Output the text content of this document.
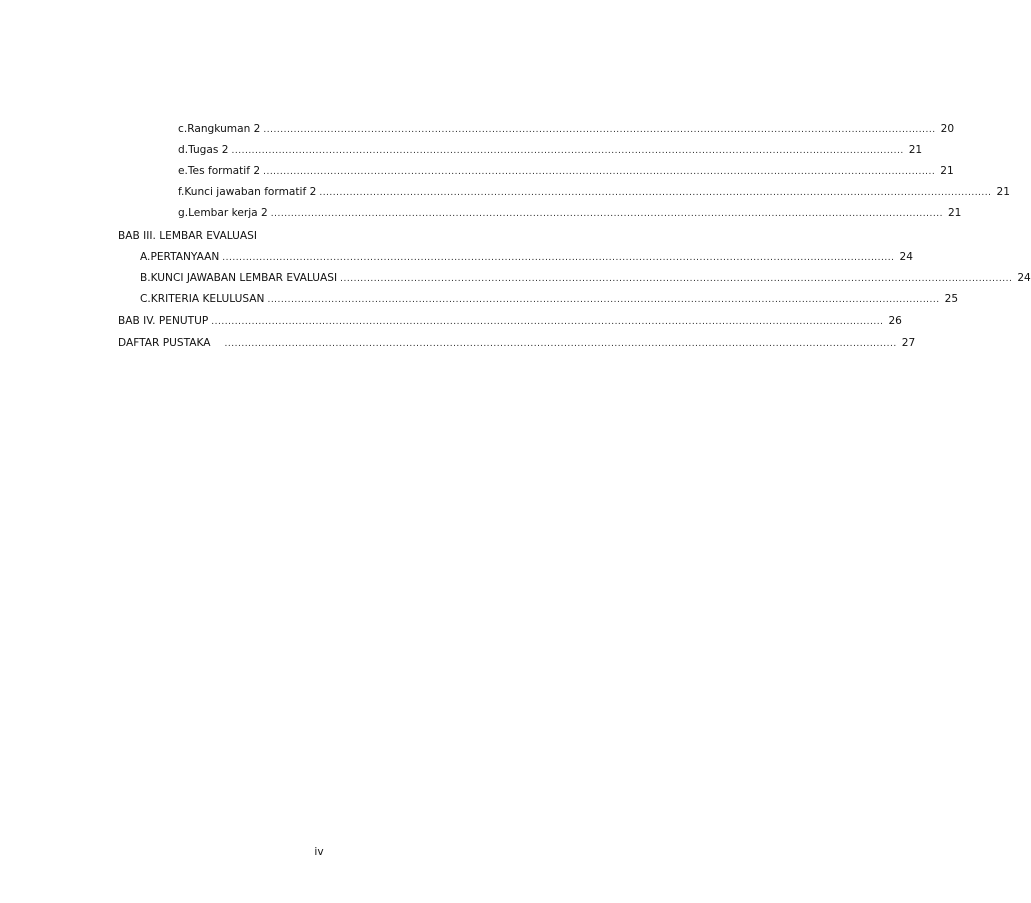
c. Rangkuman 2 ........................................................................................................................................................................................................ 20
d. Tugas 2 ........................................................................................................................................................................................................ 21
e. Tes formatif 2 ........................................................................................................................................................................................................ 21
f. Kunci jawaban formatif 2 ........................................................................................................................................................................................................ 21
g. Lembar kerja 2 ........................................................................................................................................................................................................ 21
BAB III. LEMBAR EVALUASI
A. PERTANYAAN ........................................................................................................................................................................................................ 24
B. KUNCI JAWABAN LEMBAR EVALUASI ........................................................................................................................................................................................................ 24
C. KRITERIA KELULUSAN ........................................................................................................................................................................................................ 25
BAB IV. PENUTUP ........................................................................................................................................................................................................ 26
DAFTAR PUSTAKA	........................................................................................................................................................................................................ 27
iv
